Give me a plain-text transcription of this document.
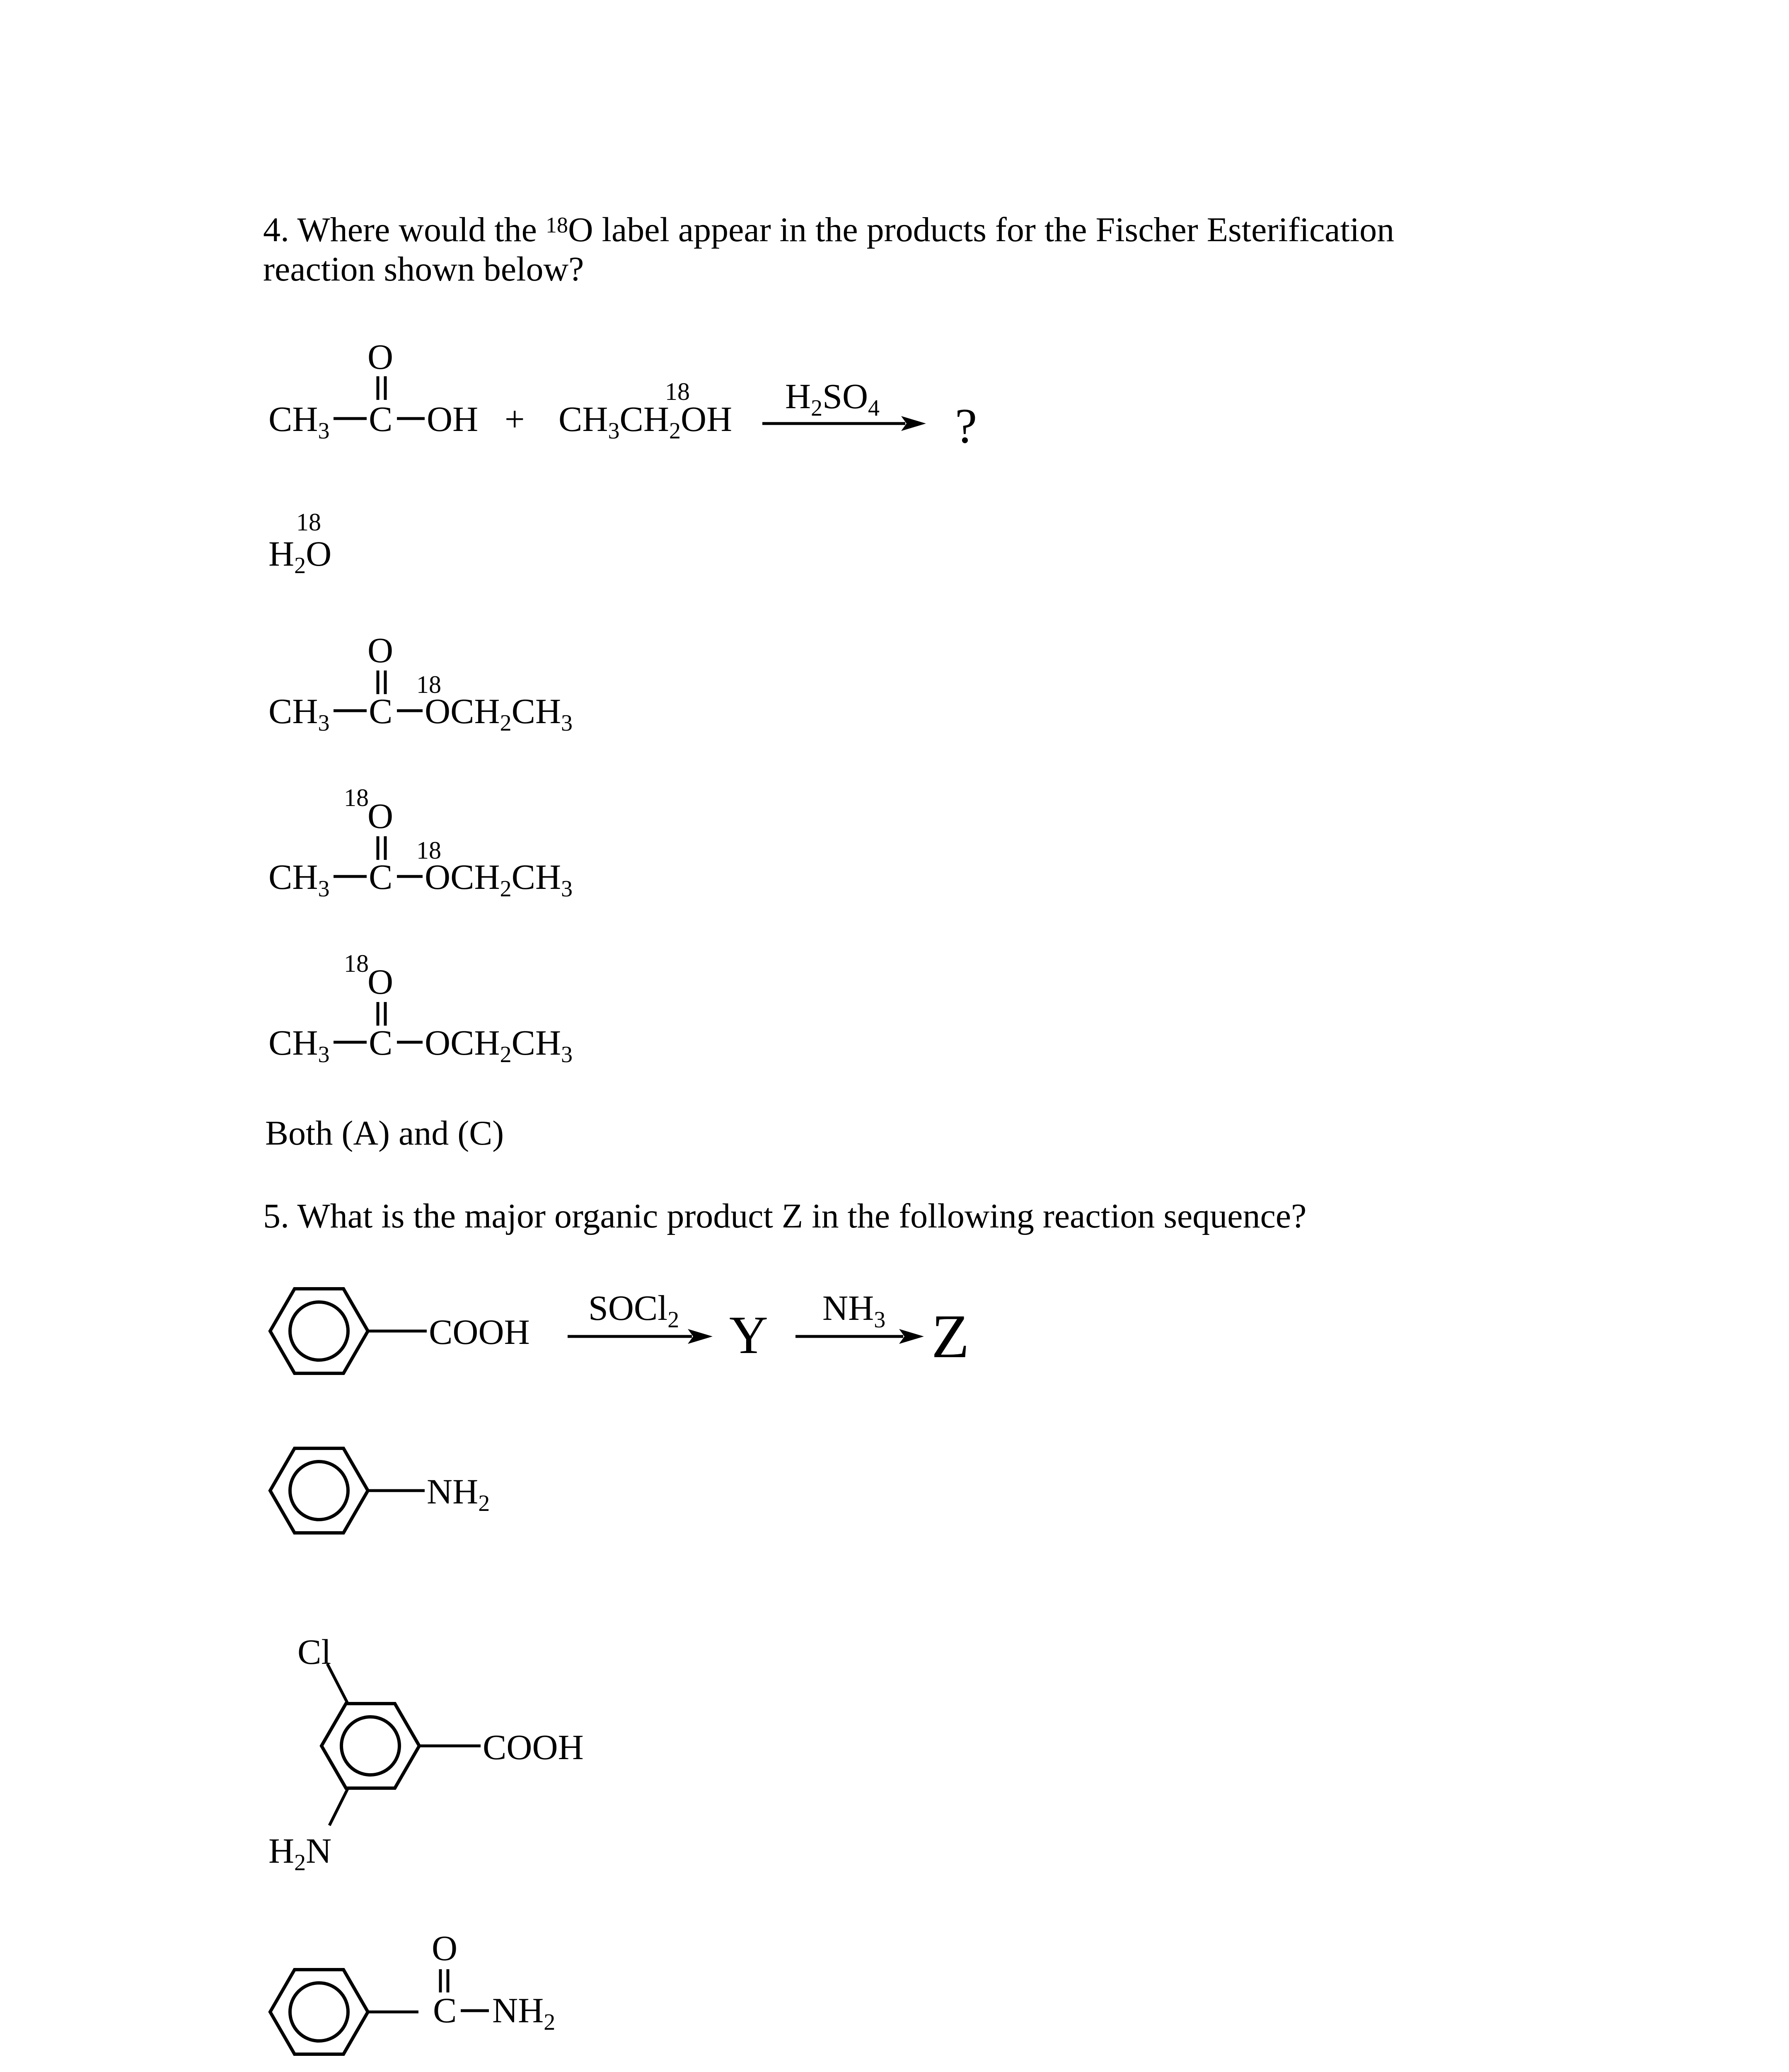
4. Where would the $^{18}$O label appear in the products for the Fischer Esterification
reaction shown below?
5. What is the major organic product Z in the following reaction sequence?
Both (A) and (C)
$CH_3$ C
O
OH + $CH_3CH_2OH$
18	$H_2SO_4$ ?
18
$H_2O$
O
18
$CH_3$ C $OCH_2CH_3$
18
O
18
$CH_3$ C $OCH_2CH_3$
18
O
$CH_3$ C $OCH_2CH_3$
COOH
SOCl$_2$ Y $NH_3$ Z
$NH_2$
Cl
COOH
$H_2N$
O
C $NH_2$
